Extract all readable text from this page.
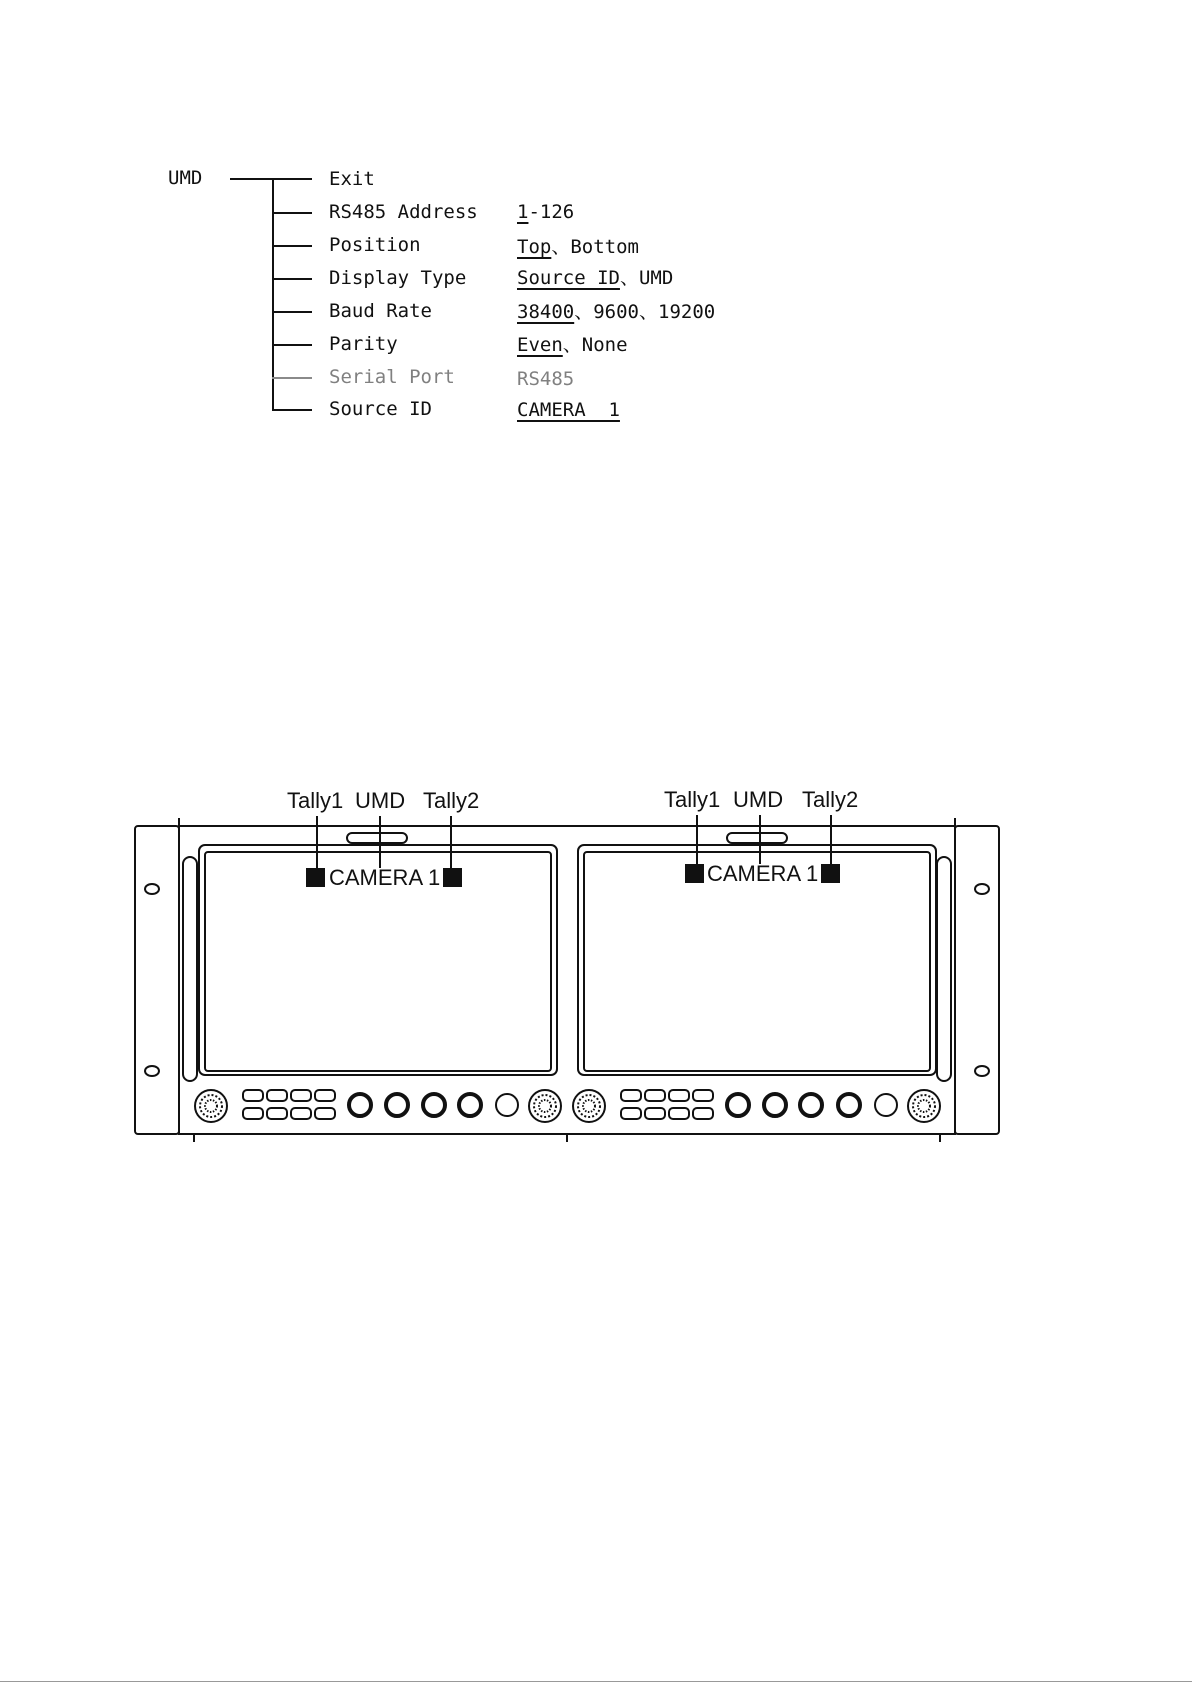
UMD	Exit
RS485 Address
Position
Display Type
Baud Rate
Parity
Serial Port
Source ID
1-126
Top、Bottom
Source ID、UMD
38400、9600、19200
Even、None
RS485
CAMERA  1
Tally1 UMD Tally2
CAMERA 1
Tally1 UMD Tally2
CAMERA 1
